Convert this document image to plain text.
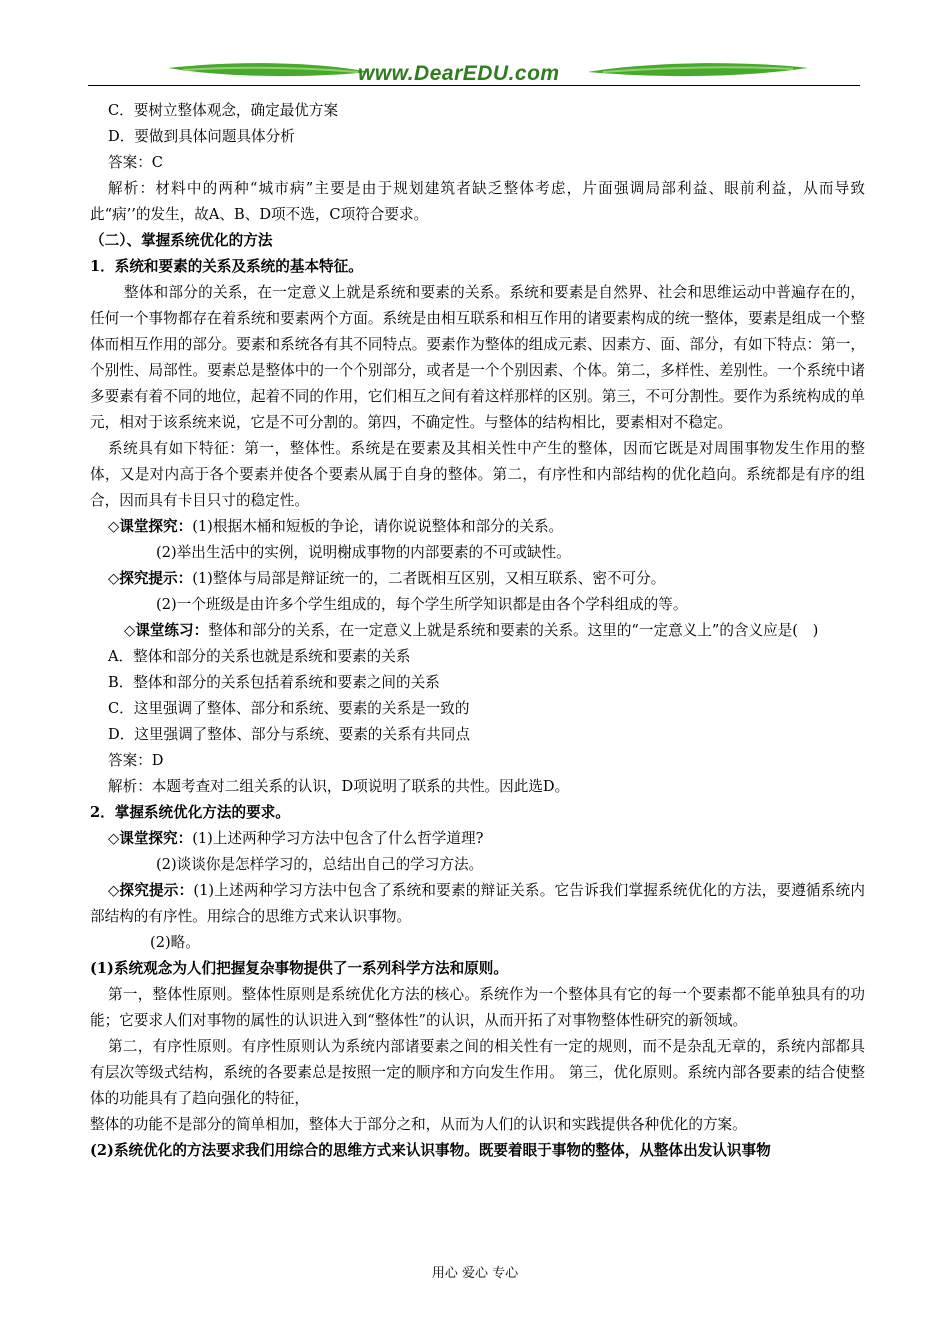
www.DearEDU.com

C．要树立整体观念，确定最优方案

D．要做到具体问题具体分析

答案：C

解析：材料中的两种“城市病”主要是由于规划建筑者缺乏整体考虑，片面强调局部利益、眼前利益，从而导致此“病’’的发生，故A、B、D项不选，C项符合要求。

（二）、掌握系统优化的方法

1．系统和要素的关系及系统的基本特征。

整体和部分的关系，在一定意义上就是系统和要素的关系。系统和要素是自然界、社会和思维运动中普遍存在的，任何一个事物都存在着系统和要素两个方面。系统是由相互联系和相互作用的诸要素构成的统一整体，要素是组成一个整体而相互作用的部分。要素和系统各有其不同特点。要素作为整体的组成元素、因素方、面、部分，有如下特点：第一，个别性、局部性。要素总是整体中的一个个别部分，或者是一个个别因素、个体。第二，多样性、差别性。一个系统中诸多要素有着不同的地位，起着不同的作用，它们相互之间有着这样那样的区别。第三，不可分割性。要作为系统构成的单元，相对于该系统来说，它是不可分割的。第四，不确定性。与整体的结构相比，要素相对不稳定。

系统具有如下特征：第一，整体性。系统是在要素及其相关性中产生的整体，因而它既是对周围事物发生作用的整体，又是对内高于各个要素并使各个要素从属于自身的整体。第二，有序性和内部结构的优化趋向。系统都是有序的组合，因而具有卡目只寸的稳定性。

◇课堂探究：(1)根据木桶和短板的争论，请你说说整体和部分的关系。

(2)举出生活中的实例，说明榭成事物的内部要素的不可或缺性。

◇探究提示：(1)整体与局部是辩证统一的，二者既相互区别，又相互联系、密不可分。

(2)一个班级是由许多个学生组成的，每个学生所学知识都是由各个学科组成的等。

◇课堂练习：整体和部分的关系，在一定意义上就是系统和要素的关系。这里的“一定意义上”的含义应是(　)

A．整体和部分的关系也就是系统和要素的关系

B．整体和部分的关系包括着系统和要素之间的关系

C．这里强调了整体、部分和系统、要素的关系是一致的

D．这里强调了整体、部分与系统、要素的关系有共同点

答案：D

解析：本题考查对二组关系的认识，D项说明了联系的共性。因此选D。

2．掌握系统优化方法的要求。

◇课堂探究：(1)上述两种学习方法中包含了什么哲学道理?

(2)谈谈你是怎样学习的，总结出自己的学习方法。

◇探究提示：(1)上述两种学习方法中包含了系统和要素的辩证关系。它告诉我们掌握系统优化的方法，要遵循系统内部结构的有序性。用综合的思维方式来认识事物。

(2)略。

(1)系统观念为人们把握复杂事物提供了一系列科学方法和原则。

第一，整体性原则。整体性原则是系统优化方法的核心。系统作为一个整体具有它的每一个要素都不能单独具有的功能；它要求人们对事物的属性的认识进入到“整体性”的认识，从而开拓了对事物整体性研究的新领域。

第二，有序性原则。有序性原则认为系统内部诸要素之间的相关性有一定的规则，而不是杂乱无章的，系统内部都具有层次等级式结构，系统的各要素总是按照一定的顺序和方向发生作用。 第三，优化原则。系统内部各要素的结合使整体的功能具有了趋向强化的特征，

整体的功能不是部分的简单相加，整体大于部分之和，从而为人们的认识和实践提供各种优化的方案。

(2)系统优化的方法要求我们用综合的思维方式来认识事物。既要着眼于事物的整体，从整体出发认识事物

用心 爱心 专心
